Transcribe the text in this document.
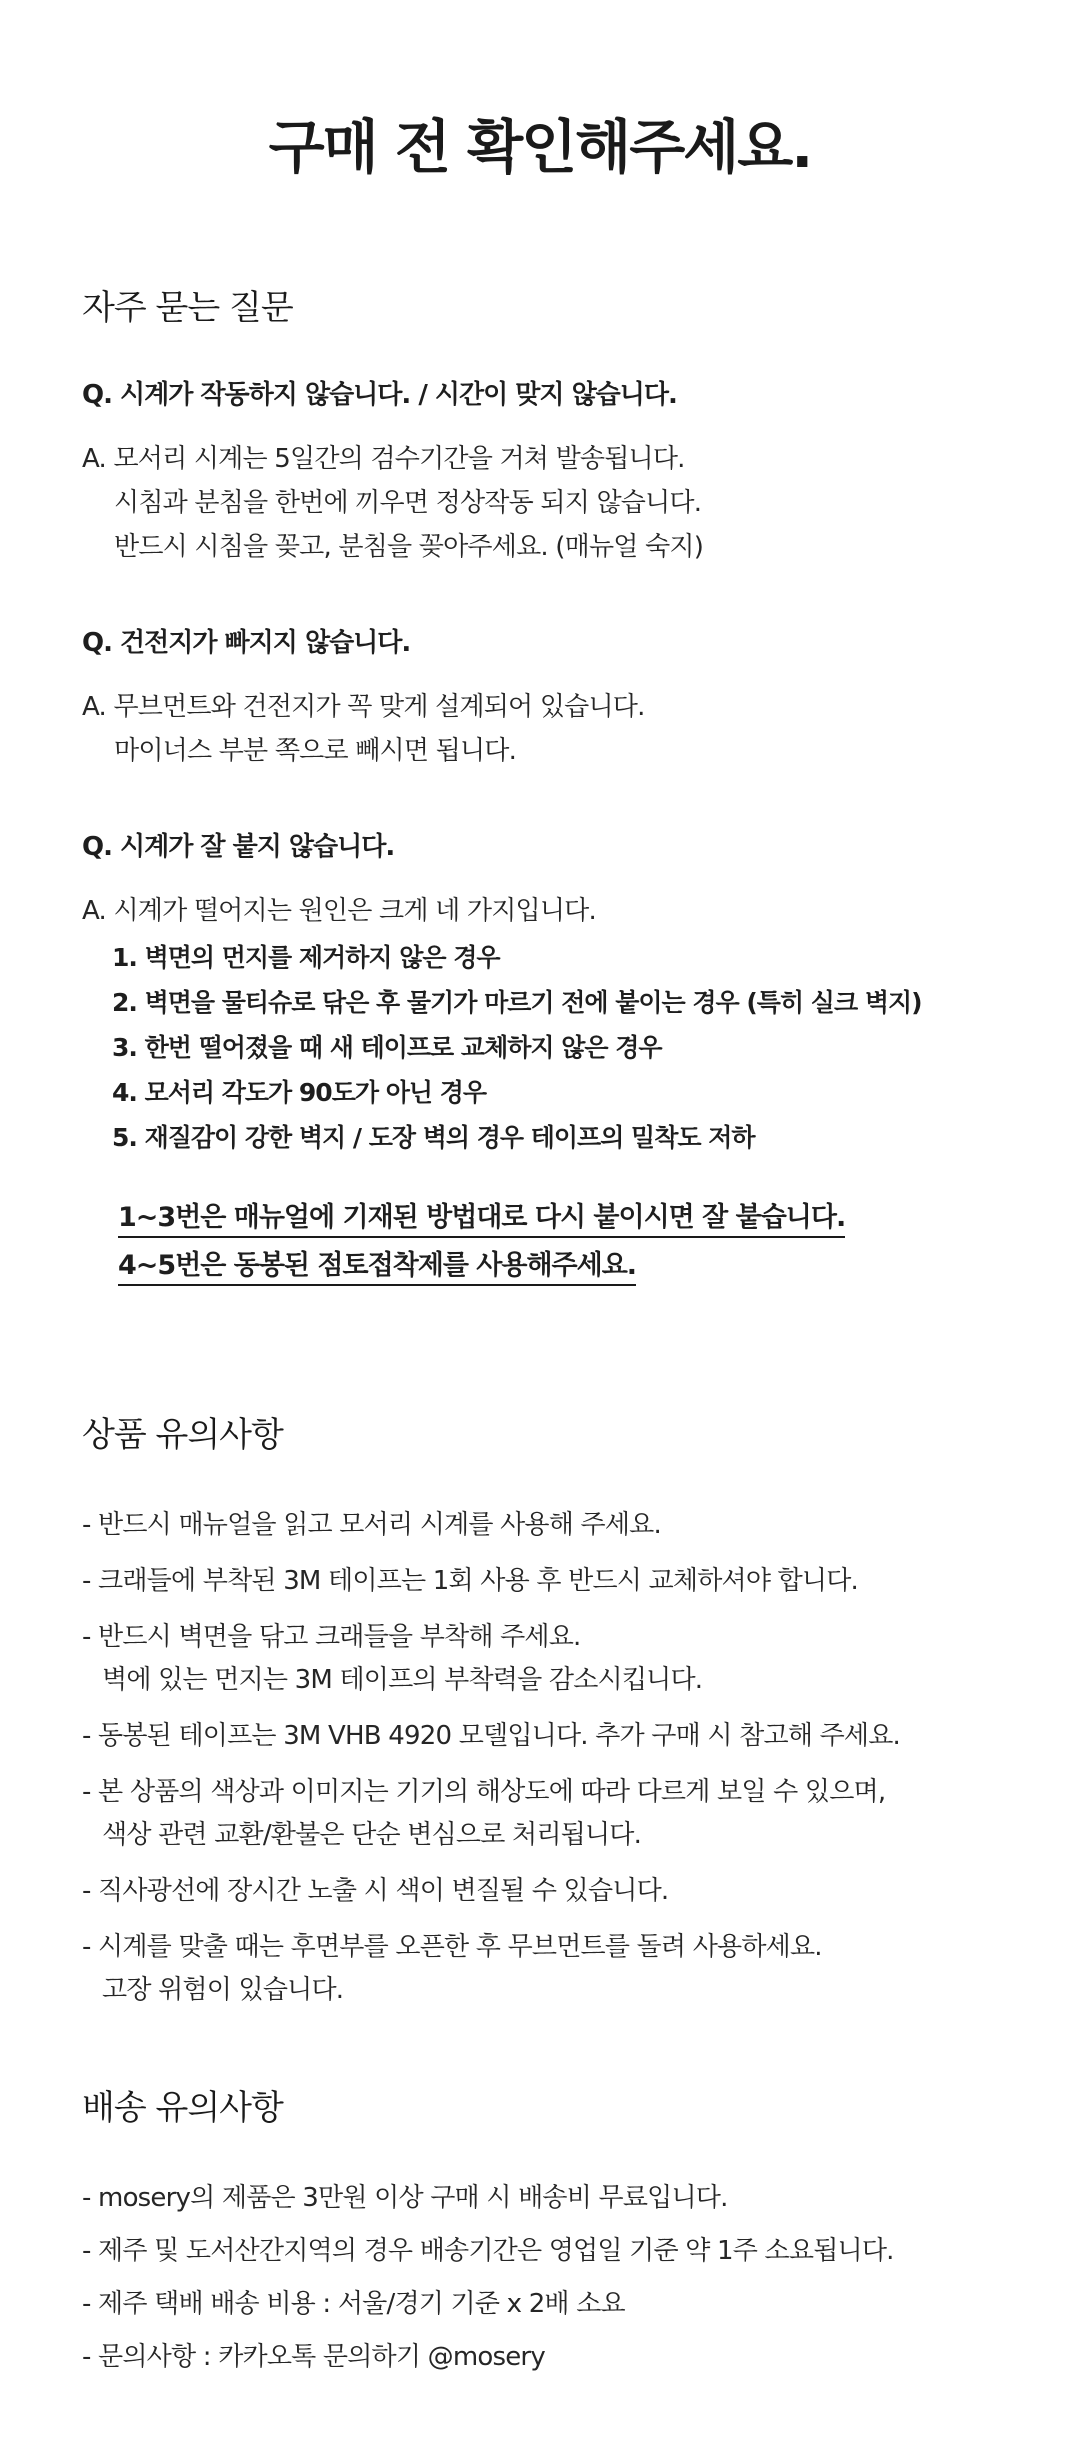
구매 전 확인해주세요.
자주 묻는 질문

Q. 시계가 작동하지 않습니다. / 시간이 맞지 않습니다.

A. 모서리 시계는 5일간의 검수기간을 거쳐 발송됩니다.
시침과 분침을 한번에 끼우면 정상작동 되지 않습니다.
반드시 시침을 꽂고, 분침을 꽂아주세요. (매뉴얼 숙지)

Q. 건전지가 빠지지 않습니다.

A. 무브먼트와 건전지가 꼭 맞게 설계되어 있습니다.
마이너스 부분 쪽으로 빼시면 됩니다.

Q. 시계가 잘 붙지 않습니다.

A. 시계가 떨어지는 원인은 크게 네 가지입니다.
1. 벽면의 먼지를 제거하지 않은 경우
2. 벽면을 물티슈로 닦은 후 물기가 마르기 전에 붙이는 경우 (특히 실크 벽지)
3. 한번 떨어졌을 때 새 테이프로 교체하지 않은 경우
4. 모서리 각도가 90도가 아닌 경우
5. 재질감이 강한 벽지 / 도장 벽의 경우 테이프의 밀착도 저하
1~3번은 매뉴얼에 기재된 방법대로 다시 붙이시면 잘 붙습니다.
4~5번은 동봉된 점토접착제를 사용해주세요.
상품 유의사항
- 반드시 매뉴얼을 읽고 모서리 시계를 사용해 주세요.
- 크래들에 부착된 3M 테이프는 1회 사용 후 반드시 교체하셔야 합니다.
- 반드시 벽면을 닦고 크래들을 부착해 주세요.
벽에 있는 먼지는 3M 테이프의 부착력을 감소시킵니다.
- 동봉된 테이프는 3M VHB 4920 모델입니다. 추가 구매 시 참고해 주세요.
- 본 상품의 색상과 이미지는 기기의 해상도에 따라 다르게 보일 수 있으며,
색상 관련 교환/환불은 단순 변심으로 처리됩니다.
- 직사광선에 장시간 노출 시 색이 변질될 수 있습니다.
- 시계를 맞출 때는 후면부를 오픈한 후 무브먼트를 돌려 사용하세요.
고장 위험이 있습니다.
배송 유의사항
- mosery의 제품은 3만원 이상 구매 시 배송비 무료입니다.
- 제주 및 도서산간지역의 경우 배송기간은 영업일 기준 약 1주 소요됩니다.
- 제주 택배 배송 비용 : 서울/경기 기준 x 2배 소요
- 문의사항 : 카카오톡 문의하기 @mosery
